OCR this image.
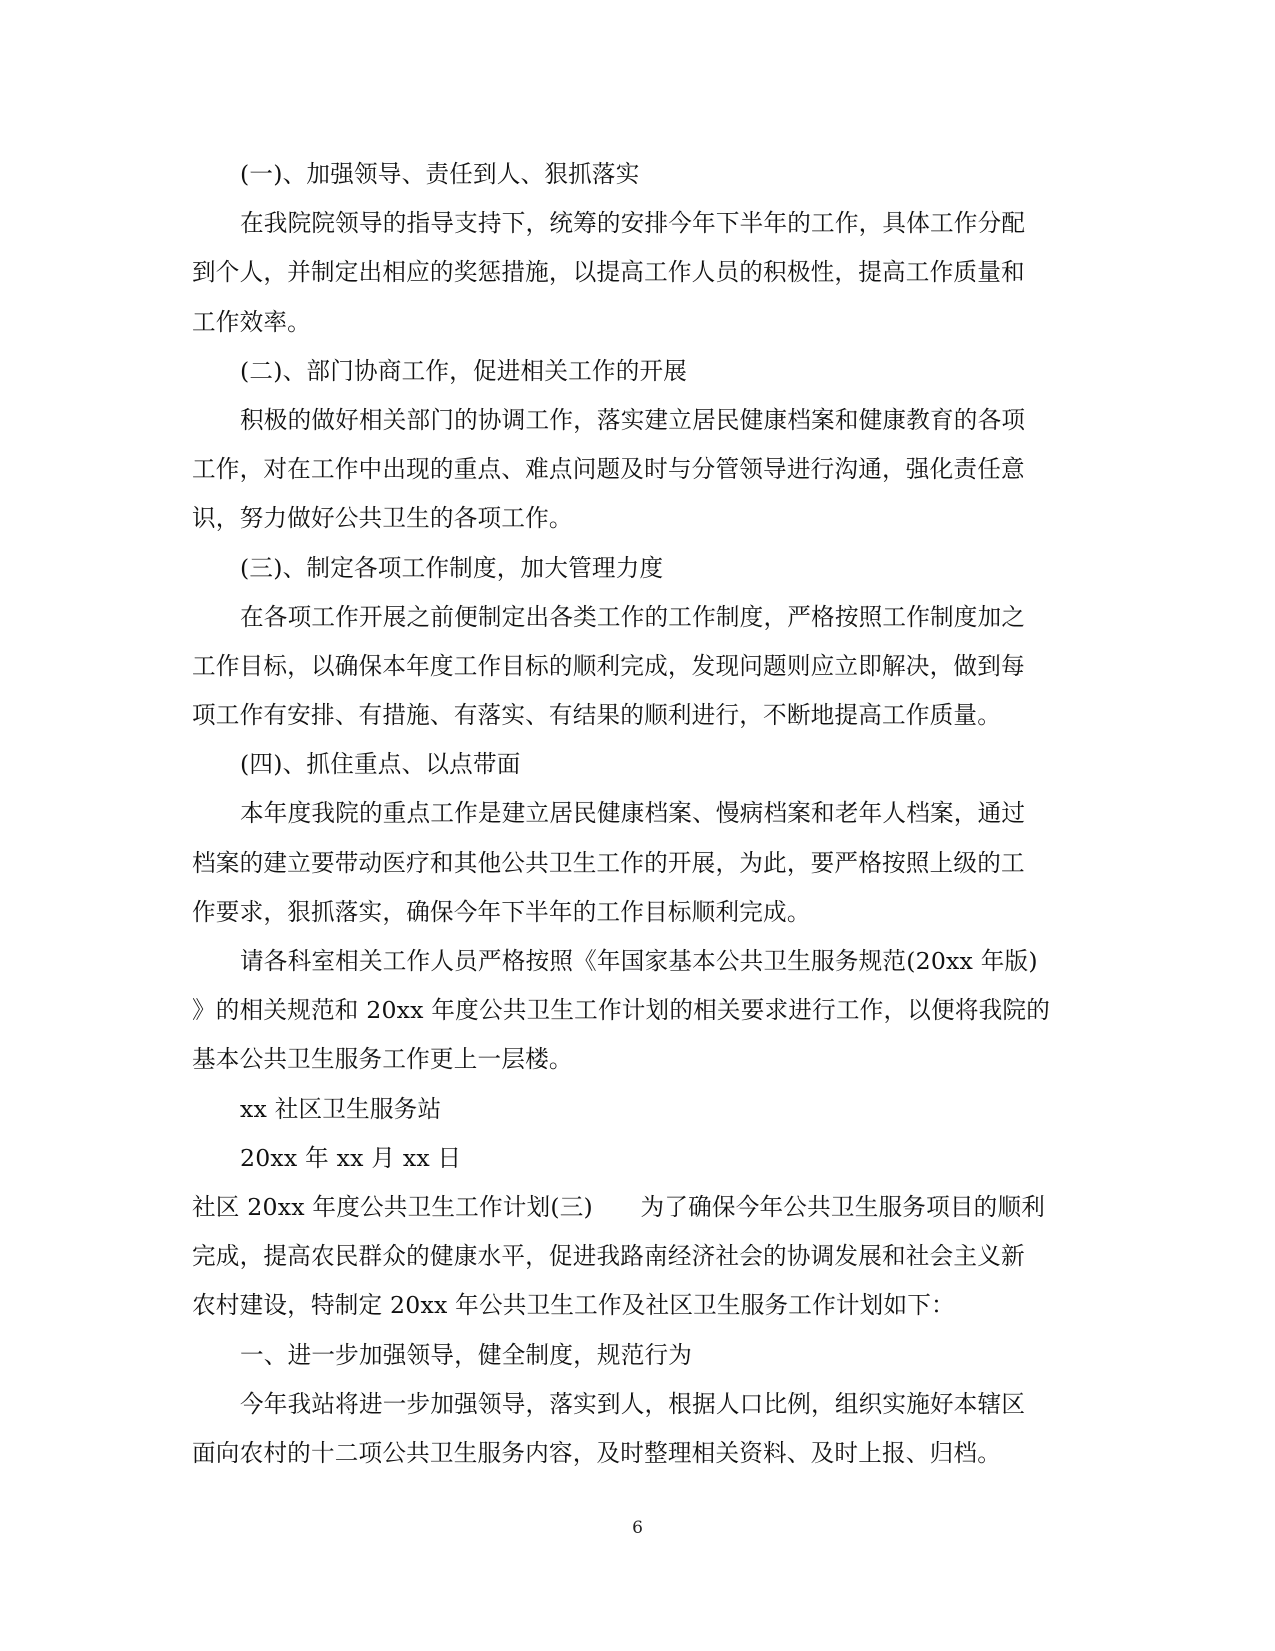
(一)、加强领导、责任到人、狠抓落实
在我院院领导的指导支持下，统筹的安排今年下半年的工作，具体工作分配
到个人，并制定出相应的奖惩措施，以提高工作人员的积极性，提高工作质量和
工作效率。
(二)、部门协商工作，促进相关工作的开展
积极的做好相关部门的协调工作，落实建立居民健康档案和健康教育的各项
工作，对在工作中出现的重点、难点问题及时与分管领导进行沟通，强化责任意
识，努力做好公共卫生的各项工作。
(三)、制定各项工作制度，加大管理力度
在各项工作开展之前便制定出各类工作的工作制度，严格按照工作制度加之
工作目标，以确保本年度工作目标的顺利完成，发现问题则应立即解决，做到每
项工作有安排、有措施、有落实、有结果的顺利进行，不断地提高工作质量。
(四)、抓住重点、以点带面
本年度我院的重点工作是建立居民健康档案、慢病档案和老年人档案，通过
档案的建立要带动医疗和其他公共卫生工作的开展，为此，要严格按照上级的工
作要求，狠抓落实，确保今年下半年的工作目标顺利完成。
请各科室相关工作人员严格按照《年国家基本公共卫生服务规范(20xx 年版)
》的相关规范和 20xx 年度公共卫生工作计划的相关要求进行工作，以便将我院的
基本公共卫生服务工作更上一层楼。
xx 社区卫生服务站
20xx 年 xx 月 xx 日
社区 20xx 年度公共卫生工作计划(三)　　为了确保今年公共卫生服务项目的顺利
完成，提高农民群众的健康水平，促进我路南经济社会的协调发展和社会主义新
农村建设，特制定 20xx 年公共卫生工作及社区卫生服务工作计划如下：
一、进一步加强领导，健全制度，规范行为
今年我站将进一步加强领导，落实到人，根据人口比例，组织实施好本辖区
面向农村的十二项公共卫生服务内容，及时整理相关资料、及时上报、归档。
6
